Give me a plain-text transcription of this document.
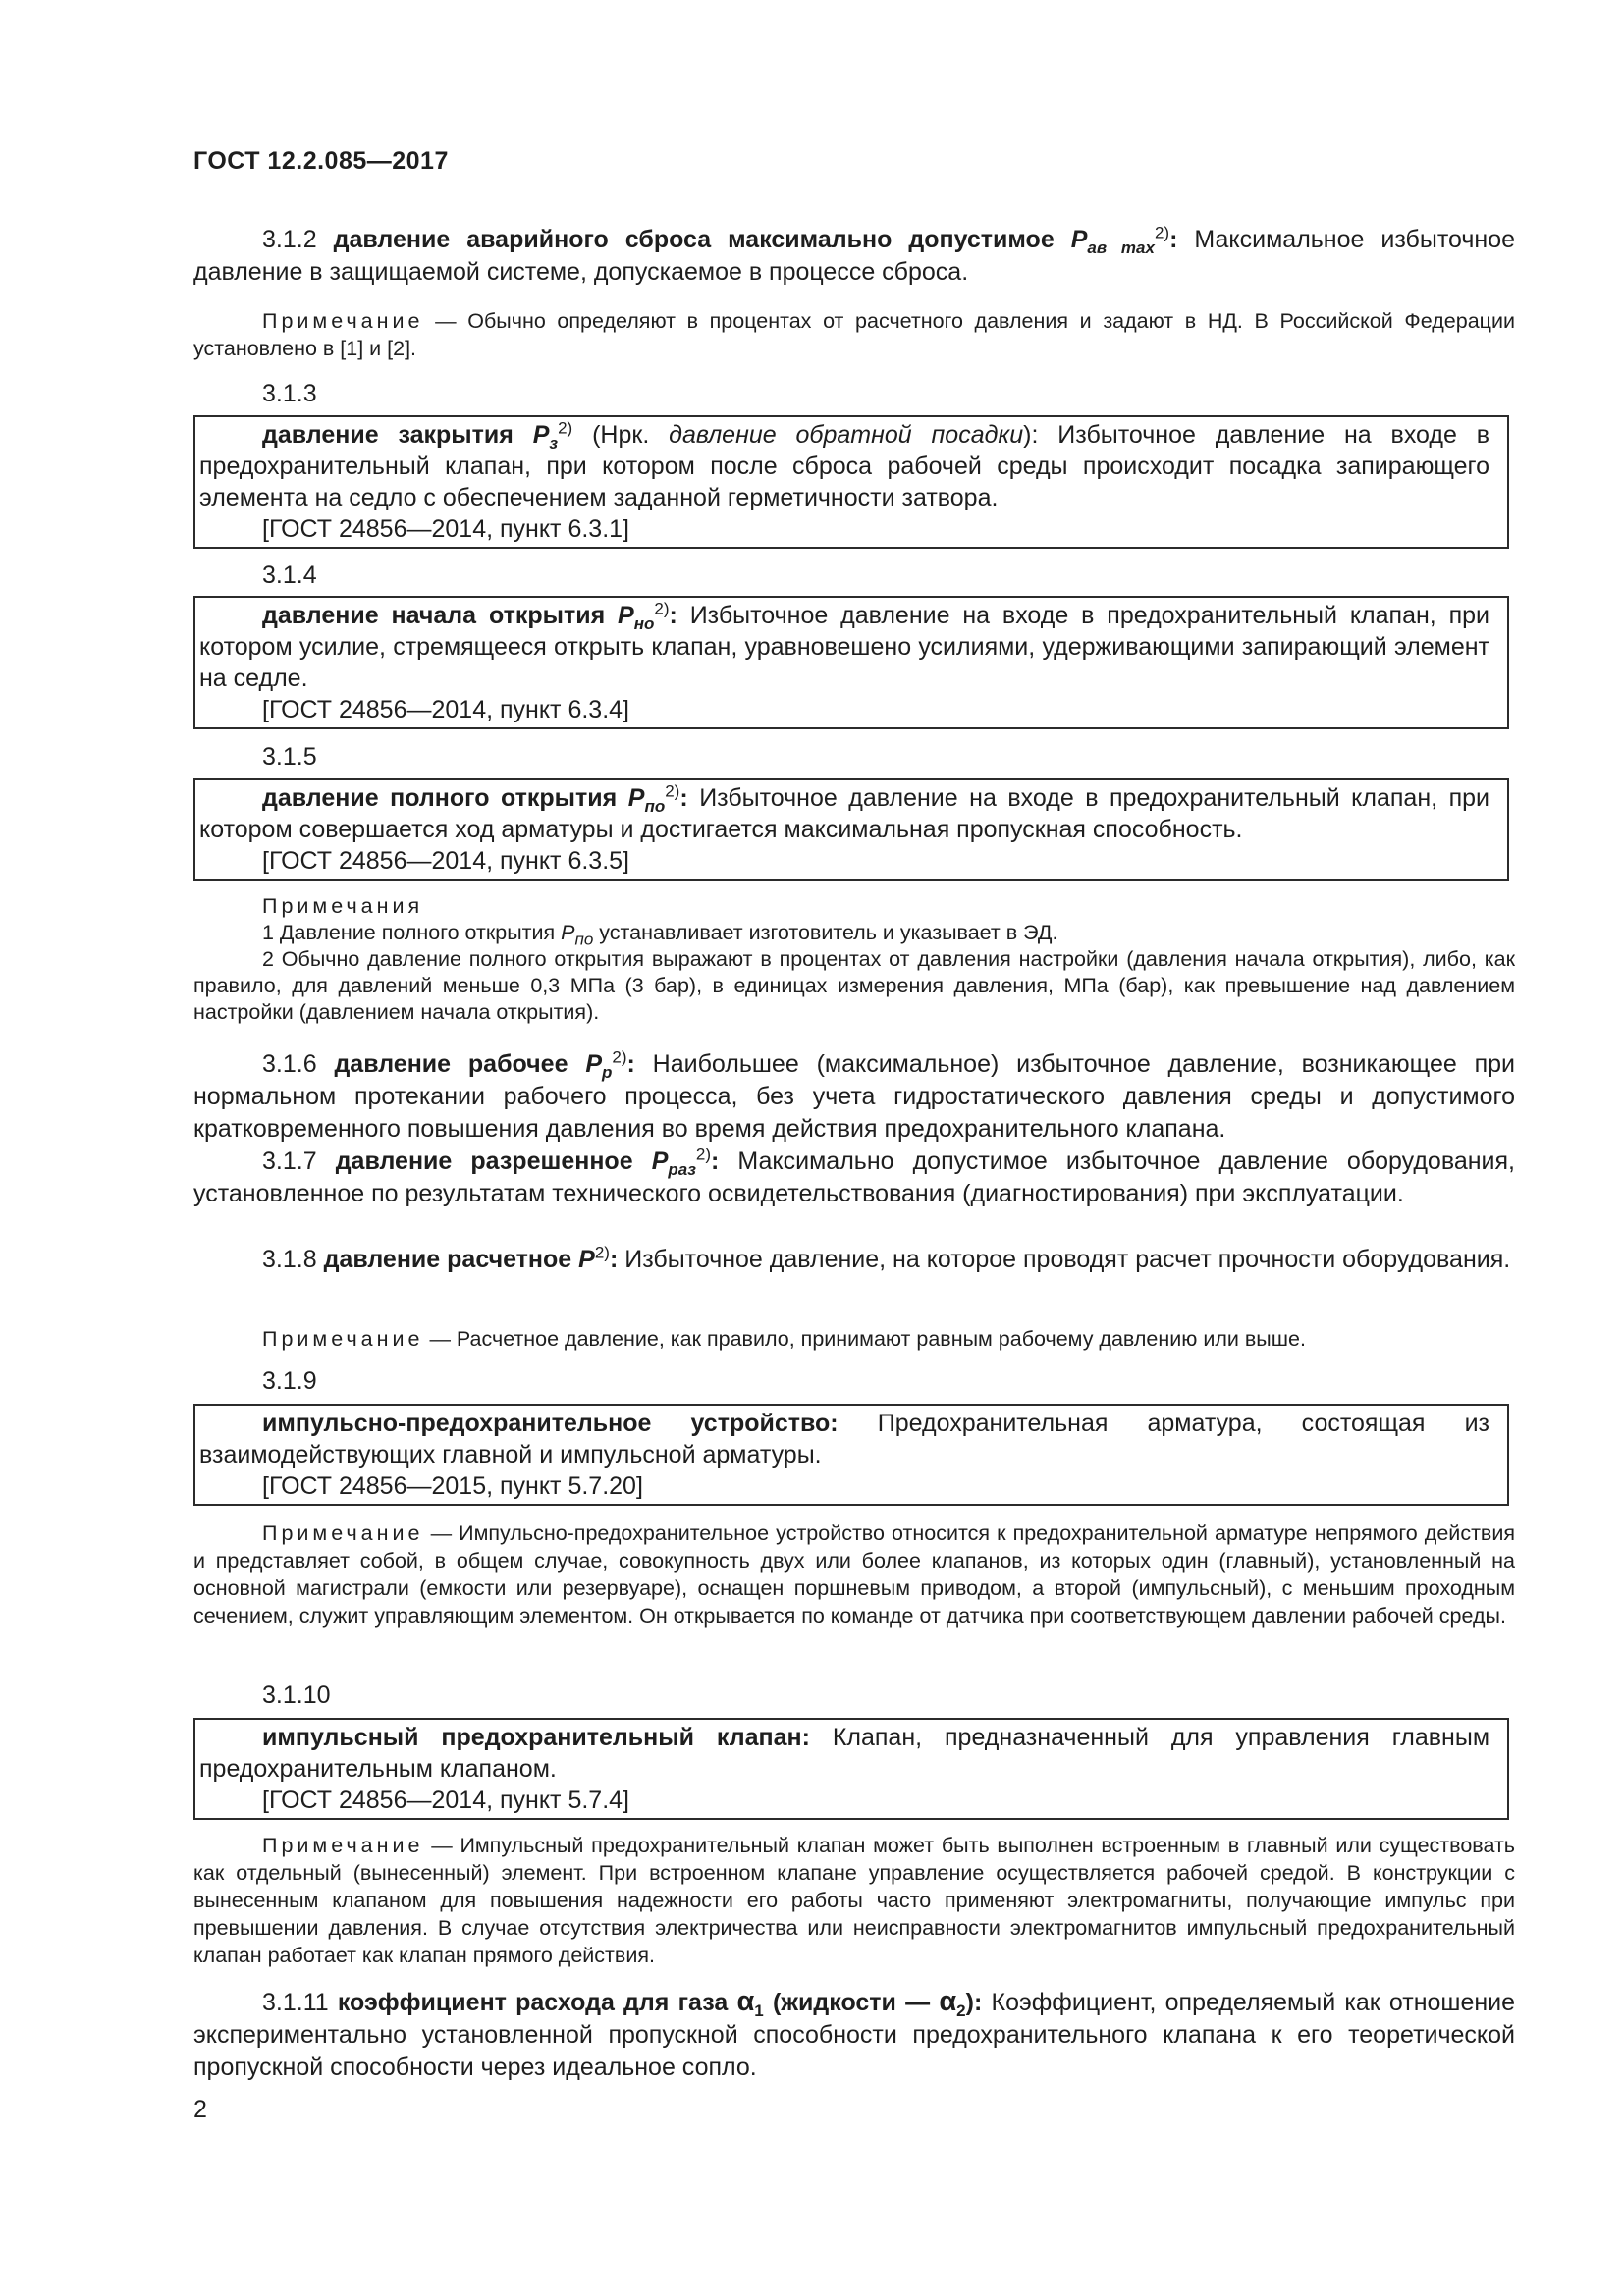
ГОСТ 12.2.085—2017
3.1.2 давление аварийного сброса максимально допустимое $P_{ав max}^{2)}$: Максимальное избыточное давление в защищаемой системе, допускаемое в процессе сброса.
Примечание — Обычно определяют в процентах от расчетного давления и задают в НД. В Российской Федерации установлено в [1] и [2].
3.1.3
давление закрытия $P_з^{2)}$ (Нрк. давление обратной посадки): Избыточное давление на входе в предохранительный клапан, при котором после сброса рабочей среды происходит посадка запирающего элемента на седло с обеспечением заданной герметичности затвора.
[ГОСТ 24856—2014, пункт 6.3.1]
3.1.4
давление начала открытия $P_{но}^{2)}$: Избыточное давление на входе в предохранительный клапан, при котором усилие, стремящееся открыть клапан, уравновешено усилиями, удерживающими запирающий элемент на седле.
[ГОСТ 24856—2014, пункт 6.3.4]
3.1.5
давление полного открытия $P_{по}^{2)}$: Избыточное давление на входе в предохранительный клапан, при котором совершается ход арматуры и достигается максимальная пропускная способность.
[ГОСТ 24856—2014, пункт 6.3.5]
Примечания
1 Давление полного открытия $P_{по}$ устанавливает изготовитель и указывает в ЭД.
2 Обычно давление полного открытия выражают в процентах от давления настройки (давления начала открытия), либо, как правило, для давлений меньше 0,3 МПа (3 бар), в единицах измерения давления, МПа (бар), как превышение над давлением настройки (давлением начала открытия).
3.1.6 давление рабочее $P_р^{2)}$: Наибольшее (максимальное) избыточное давление, возникающее при нормальном протекании рабочего процесса, без учета гидростатического давления среды и допустимого кратковременного повышения давления во время действия предохранительного клапана.
3.1.7 давление разрешенное $P_{раз}^{2)}$: Максимально допустимое избыточное давление оборудования, установленное по результатам технического освидетельствования (диагностирования) при эксплуатации.
3.1.8 давление расчетное $P^{2)}$: Избыточное давление, на которое проводят расчет прочности оборудования.
Примечание — Расчетное давление, как правило, принимают равным рабочему давлению или выше.
3.1.9
импульсно-предохранительное устройство: Предохранительная арматура, состоящая из взаимодействующих главной и импульсной арматуры.
[ГОСТ 24856—2015, пункт 5.7.20]
Примечание — Импульсно-предохранительное устройство относится к предохранительной арматуре непрямого действия и представляет собой, в общем случае, совокупность двух или более клапанов, из которых один (главный), установленный на основной магистрали (емкости или резервуаре), оснащен поршневым приводом, а второй (импульсный), с меньшим проходным сечением, служит управляющим элементом. Он открывается по команде от датчика при соответствующем давлении рабочей среды.
3.1.10
импульсный предохранительный клапан: Клапан, предназначенный для управления главным предохранительным клапаном.
[ГОСТ 24856—2014, пункт 5.7.4]
Примечание — Импульсный предохранительный клапан может быть выполнен встроенным в главный или существовать как отдельный (вынесенный) элемент. При встроенном клапане управление осуществляется рабочей средой. В конструкции с вынесенным клапаном для повышения надежности его работы часто применяют электромагниты, получающие импульс при превышении давления. В случае отсутствия электричества или неисправности электромагнитов импульсный предохранительный клапан работает как клапан прямого действия.
3.1.11 коэффициент расхода для газа $\alpha_1$ (жидкости — $\alpha_2$): Коэффициент, определяемый как отношение экспериментально установленной пропускной способности предохранительного клапана к его теоретической пропускной способности через идеальное сопло.
2
